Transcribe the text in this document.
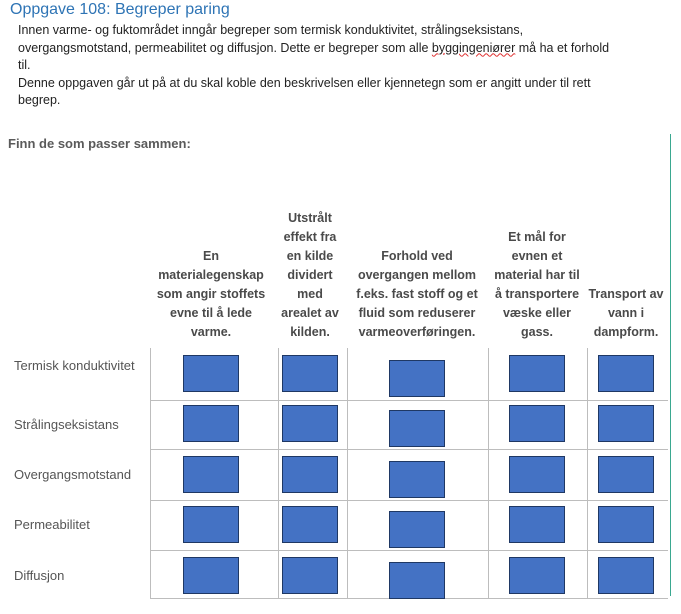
Oppgave 108: Begreper paring

Innen varme- og fuktområdet inngår begreper som termisk konduktivitet, strålingseksistans, overgangsmotstand, permeabilitet og diffusjon. Dette er begreper som alle byggingeniører må ha et forhold til.

Denne oppgaven går ut på at du skal koble den beskrivelsen eller kjennetegn som er angitt under til rett begrep.

Finn de som passer sammen:
En materialegenskap som angir stoffets evne til å lede varme.
Utstrålt effekt fra en kilde dividert med arealet av kilden.
Forhold ved overgangen mellom f.eks. fast stoff og et fluid som reduserer varmeoverføringen.
Et mål for evnen et material har til å transportere væske eller gass.
Transport av vann i dampform.
Termisk konduktivitet
Strålingseksistans
Overgangsmotstand
Permeabilitet
Diffusjon
